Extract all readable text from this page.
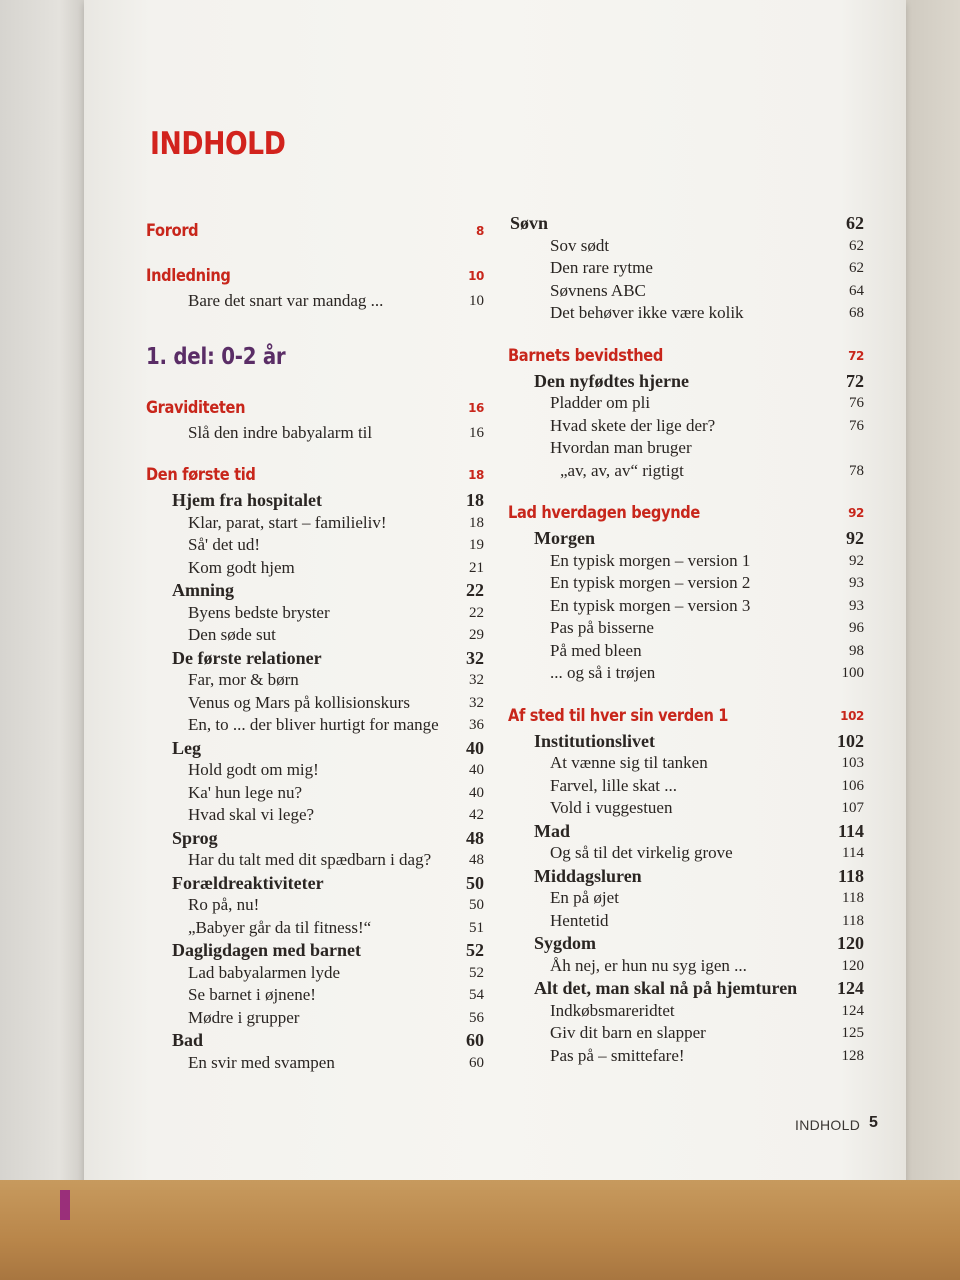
INDHOLD
Forord	8
Indledning	10
Bare det snart var mandag ...	10
1. del: 0-2 år
Graviditeten	16
Slå den indre babyalarm til	16
Den første tid	18
Hjem fra hospitalet	18
Klar, parat, start – familieliv!	18
Så' det ud!	19
Kom godt hjem	21
Amning	22
Byens bedste bryster	22
Den søde sut	29
De første relationer	32
Far, mor & børn	32
Venus og Mars på kollisionskurs	32
En, to ... der bliver hurtigt for mange 36
Leg	40
Hold godt om mig!	40
Ka' hun lege nu?	40
Hvad skal vi lege?	42
Sprog	48
Har du talt med dit spædbarn i dag?	48
Forældreaktiviteter	50
Ro på, nu!	50
„Babyer går da til fitness!“	51
Dagligdagen med barnet	52
Lad babyalarmen lyde	52
Se barnet i øjnene!	54
Mødre i grupper	56
Bad	60
En svir med svampen	60
Søvn	62
Sov sødt	62
Den rare rytme	62
Søvnens ABC	64
Det behøver ikke være kolik	68
Barnets bevidsthed	72
Den nyfødtes hjerne	72
Pladder om pli	76
Hvad skete der lige der?	76
Hvordan man bruger
„av, av, av“ rigtigt	78
Lad hverdagen begynde	92
Morgen	92
En typisk morgen – version 1	92
En typisk morgen – version 2	93
En typisk morgen – version 3	93
Pas på bisserne	96
På med bleen	98
... og så i trøjen	100
Af sted til hver sin verden 1	102
Institutionslivet	102
At vænne sig til tanken	103
Farvel, lille skat ...	106
Vold i vuggestuen	107
Mad	114
Og så til det virkelig grove	114
Middagsluren	118
En på øjet	118
Hentetid	118
Sygdom	120
Åh nej, er hun nu syg igen ...	120
Alt det, man skal nå på hjemturen 124
Indkøbsmareridtet	124
Giv dit barn en slapper	125
Pas på – smittefare!	128
INDHOLD 5
